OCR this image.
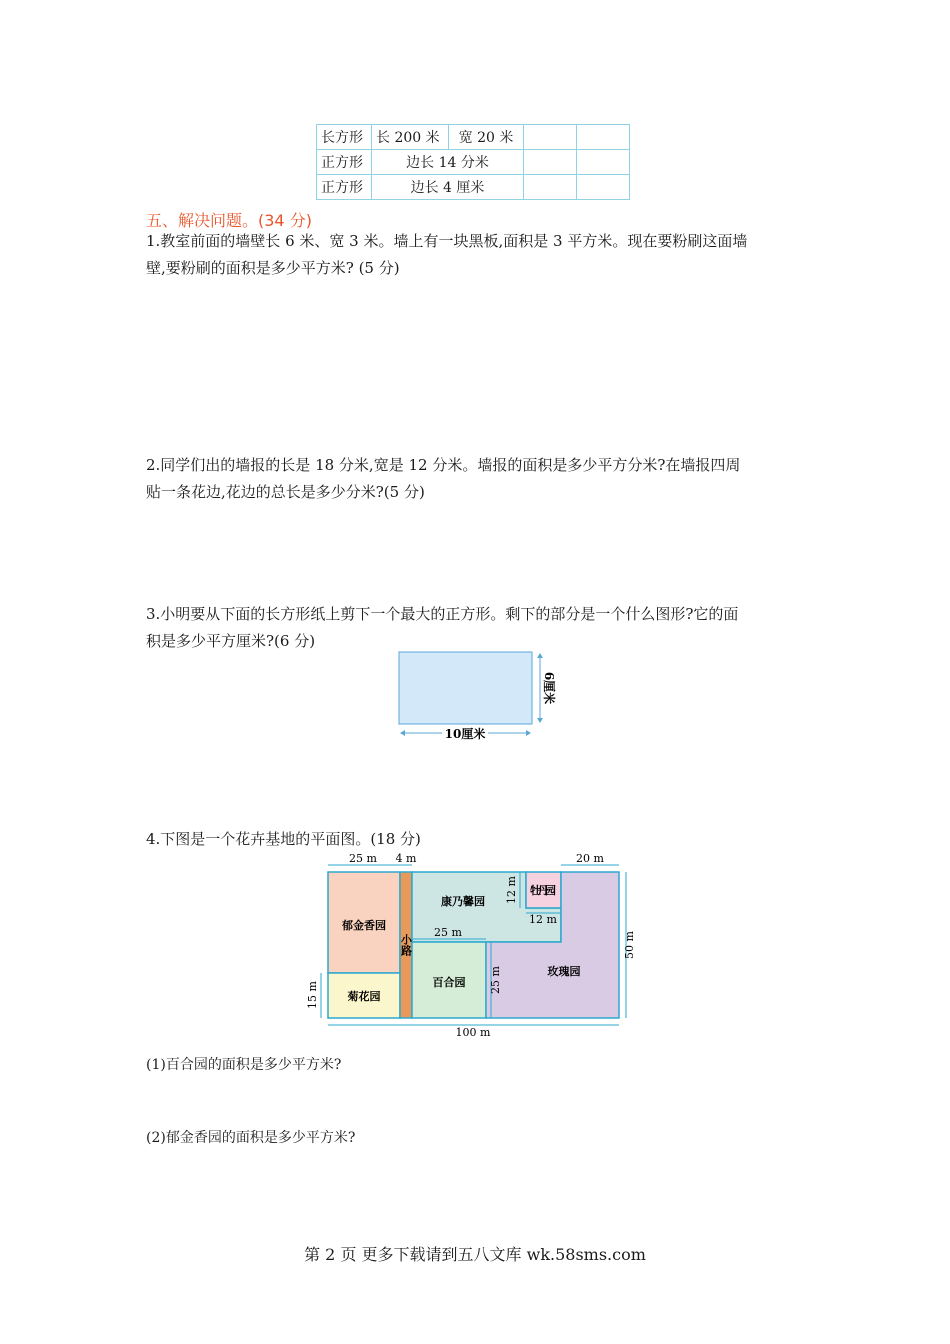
长方形	长 200 米	宽 20 米		
正方形	边长 14 分米			
正方形	边长 4 厘米			
五、解决问题。(34 分)
1.教室前面的墙壁长 6 米、宽 3 米。墙上有一块黑板,面积是 3 平方米。现在要粉刷这面墙
壁,要粉刷的面积是多少平方米? (5 分)
2.同学们出的墙报的长是 18 分米,宽是 12 分米。墙报的面积是多少平方分米?在墙报四周
贴一条花边,花边的总长是多少分米?(5 分)
3.小明要从下面的长方形纸上剪下一个最大的正方形。剩下的部分是一个什么图形?它的面
积是多少平方厘米?(6 分)
6厘米
10厘米
4.下图是一个花卉基地的平面图。(18 分)
郁金香园
菊花园
小路
康乃馨园
牡丹园
百合园
玫瑰园
25 m 4 m	20 m
50 m
100 m
15 m
25 m
12 m
12 m
25 m
(1)百合园的面积是多少平方米?
(2)郁金香园的面积是多少平方米?
第 2 页 更多下载请到五八文库 wk.58sms.com
